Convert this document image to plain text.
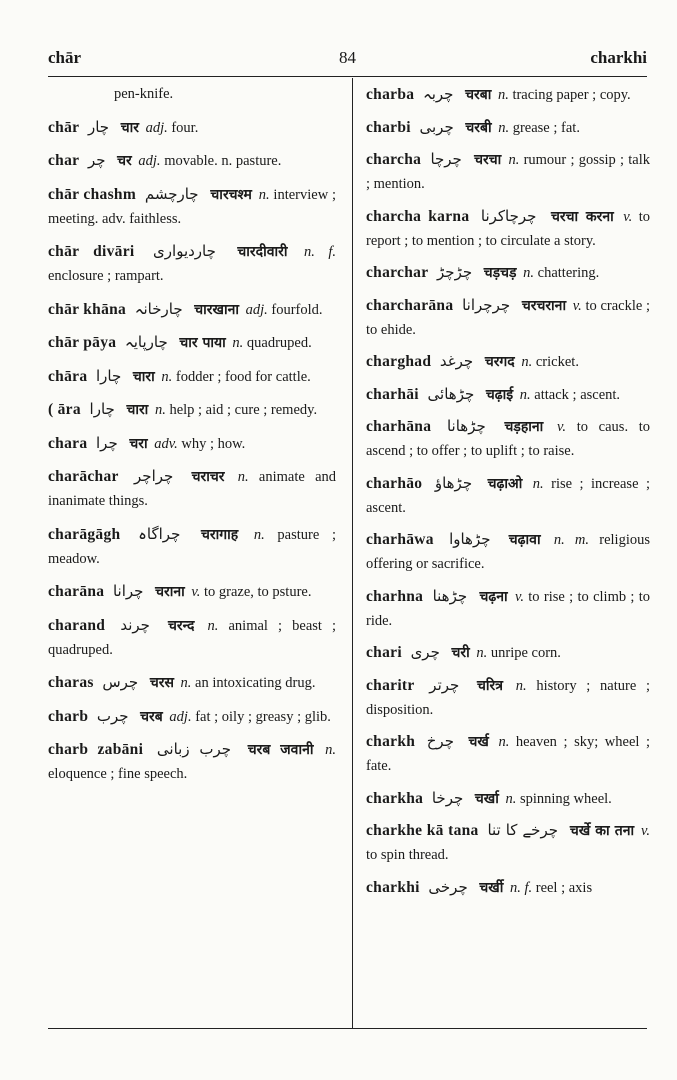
chār	84	charkhi
pen-knife.
chār چار चार adj. four.
char چر चर adj. movable. n. pasture.
chār chashm چارچشم चारचश्म n. interview ; meeting. adv. faithless.
chār divāri چاردیواری चारदीवारी n. f. enclosure ; rampart.
chār khāna چارخانہ चारखाना adj. fourfold.
chār pāya چارپایہ चार पाया n. quadruped.
chāra چارا चारा n. fodder ; food for cattle.
( āra چارا चारा n. help ; aid ; cure ; remedy.
chara چرا चरा adv. why ; how.
charāchar چراچر चराचर n. animate and inanimate things.
charāgāgh چراگاہ चरागाह n. pasture ; meadow.
charāna چرانا चराना v. to graze, to psture.
charand چرند चरन्द n. animal ; beast ; quadruped.
charas چرس चरस n. an intoxicating drug.
charb چرب चरब adj. fat ; oily ; greasy ; glib.
charb zabāni چرب زبانی चरब जवानी n. eloquence ; fine speech.
charba چربہ चरबा n. tracing paper ; copy.
charbi چربی चरबी n. grease ; fat.
charcha چرچا चरचा n. rumour ; gossip ; talk ; mention.
charcha karna چرچاکرنا चरचा करना v. to report ; to mention ; to circulate a story.
charchar چڑچڑ चड़चड़ n. chattering.
charcharāna چرچرانا चरचराना v. to crackle ; to ehide.
charghad چرغد चरगद n. cricket.
charhāi چڑھائی चढ़ाई n. attack ; ascent.
charhāna چڑھانا चड़हाना v. to caus. to ascend ; to offer ; to uplift ; to raise.
charhāo چڑھاؤ चढ़ाओ n. rise ; increase ; ascent.
charhāwa چڑھاوا चढ़ावा n. m. religious offering or sacrifice.
charhna چڑھنا चढ़ना v. to rise ; to climb ; to ride.
chari چری चरी n. unripe corn.
charitr چرتر चरित्र n. history ; nature ; disposition.
charkh چرخ चर्ख n. heaven ; sky; wheel ; fate.
charkha چرخا चर्खा n. spinning wheel.
charkhe kā tana چرخے کا تنا चर्खे का तना v. to spin thread.
charkhi چرخی चर्खी n. f. reel ; axis
